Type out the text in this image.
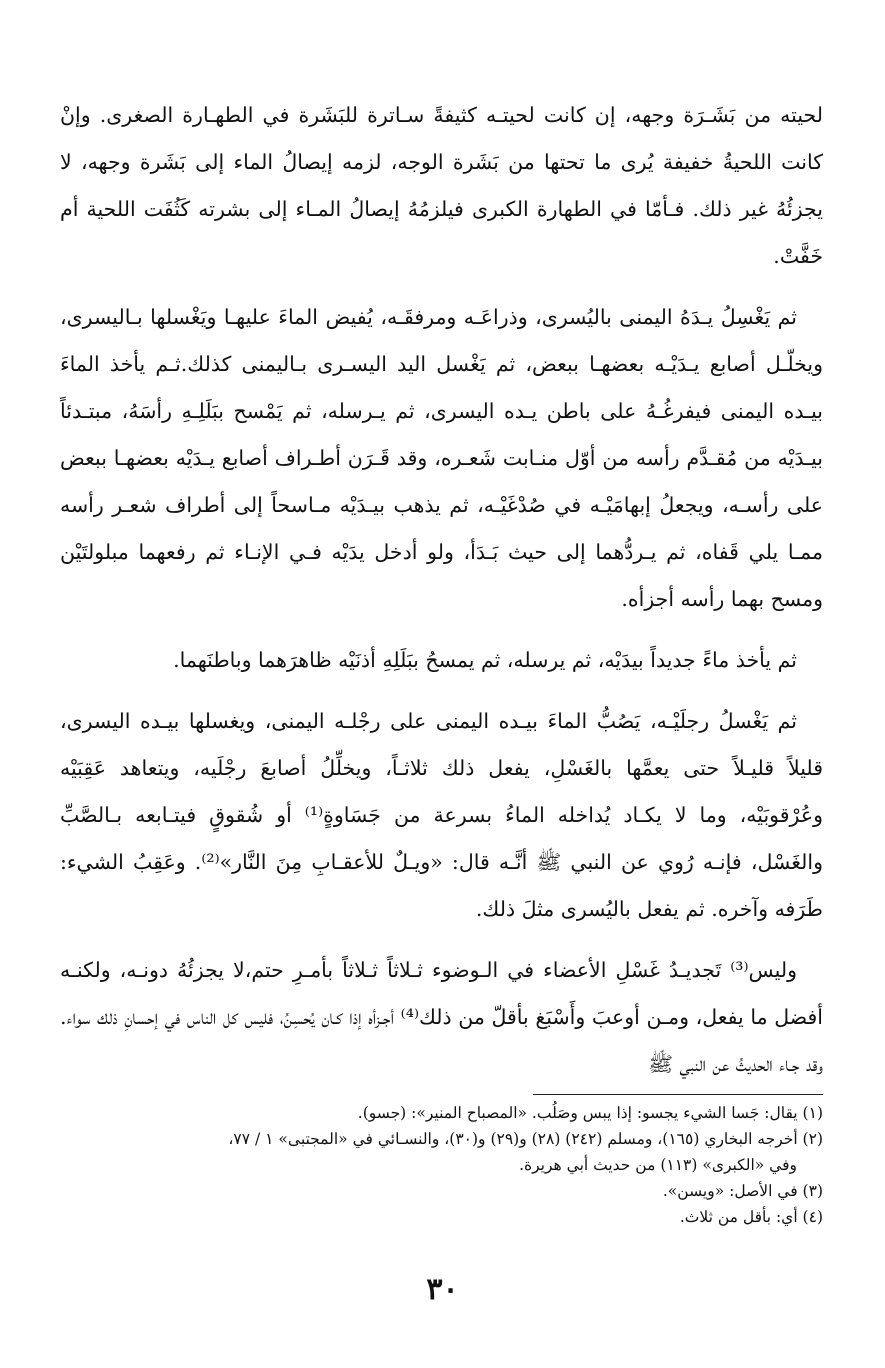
لحيته من بَشَـرَة وجهه، إن كانت لحيتـه كثيفةً سـاترة للبَشَرة في الطهـارة الصغرى. وإنْ كانت اللحيةُ خفيفة يُرى ما تحتها من بَشَرة الوجه، لزمه إيصالُ الماء إلى بَشَرة وجهه، لا يجزئُهُ غير ذلك. فـأمّا في الطهارة الكبرى فيلزمُهُ إيصالُ المـاء إلى بشرته كَثُفَت اللحية أم خَفَّتْ.

ثم يَغْسِلُ يـدَهُ اليمنى باليُسرى، وذراعَـه ومرفقَـه، يُفيض الماءَ عليهـا ويَغْسلها بـاليسرى، ويخلّـل أصابع يـدَيْـه بعضهـا ببعض، ثم يَغْسل اليد اليسـرى بـاليمنى كذلك.ثـم يأخذ الماءَ بيـده اليمنى فيفرغُـهُ على باطن يـده اليسرى، ثم يـرسله، ثم يَمْسح ببَلَلِـهِ رأسَهُ، مبتـدئاً بيـدَيْه من مُقـدَّم رأسه من أوّل منـابت شَعـره، وقد قَـرَن أطـراف أصابع يـدَيْه بعضهـا ببعض على رأسـه، ويجعلُ إبهامَيْـه في صُدْغَيْـه، ثم يذهب بيـدَيْه مـاسحاً إلى أطراف شعـر رأسه ممـا يلي قَفاه، ثم يـردُّهما إلى حيث بَـدَأ، ولو أدخل يدَيْه فـي الإنـاء ثم رفعهما مبلولتَيْن ومسح بهما رأسه أجزأه.

ثم يأخذ ماءً جديداً بيدَيْه، ثم يرسله، ثم يمسحُ ببَلَلِهِ أذنَيْه ظاهرَهما وباطنَهما.

ثم يَغْسلُ رجلَيْـه، يَصُبُّ الماءَ بيـده اليمنى على رجْلـه اليمنى، ويغسلها بيـده اليسرى، قليلاً قليـلاً حتى يعمَّها بالغَسْلِ، يفعل ذلك ثلاثـاً، ويخلِّلُ أصابعَ رجْلَيه، ويتعاهد عَقِبَيْه وعُرْقوبَيْه، وما لا يكـاد يُداخله الماءُ بسرعة من جَسَاوةٍ⁽¹⁾ أو شُقوقٍ فيتـابعه بـالصَّبِّ والغَسْل، فإنـه رُوي عن النبي ﷺ أنَّـه قال: «ويـلٌ للأعقـابِ مِنَ النَّار»⁽²⁾. وعَقِبُ الشيء: طَرَفه وآخره. ثم يفعل باليُسرى مثلَ ذلك.

وليس⁽³⁾ تَجديـدُ غَسْلِ الأعضاء في الـوضوء ثـلاثاً ثـلاثاً بأمـرِ حتم،لا يجزئُهُ دونـه، ولكنـه أفضل ما يفعل، ومـن أوعبَ وأَسْبَغ بأقلّ من ذلك⁽⁴⁾ أجـزأه إذا كـان يُحسِنُ، فليس كل الناس في إحسانِ ذلك سواء. وقد جـاء الحديثُ عن النبي ﷺ

(١) يقال: جَسا الشيء يجسو: إذا يبس وصَلُب. «المصباح المنير»: (جسو).

(٢) أخرجه البخاري (١٦٥)، ومسلم (٢٤٢) (٢٨) و(٢٩) و(٣٠)، والنسـائي في «المجتبى» ١ / ٧٧،

وفي «الكبرى» (١١٣) من حديث أبي هريرة.

(٣) في الأصل: «ويسن».

(٤) أي: بأقل من ثلاث.

٣٠
